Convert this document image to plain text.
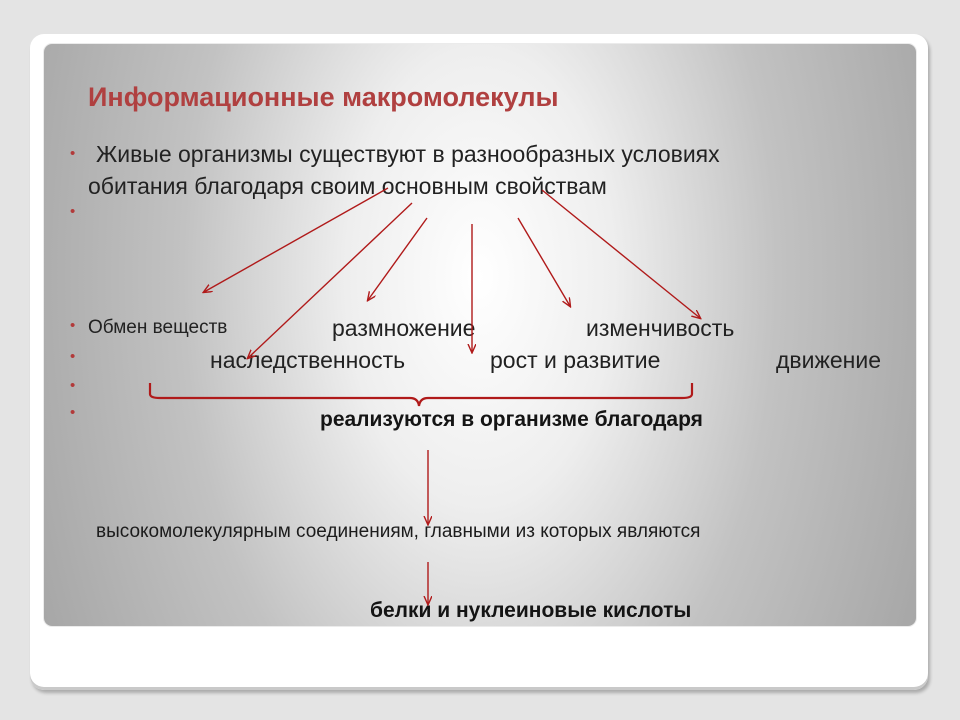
Информационные макромолекулы
•
•
•
•
•
•
Живые организмы существуют в разнообразных условиях
обитания благодаря своим основным свойствам
Обмен веществ	размножение	изменчивость
наследственность	рост и развитие	движение
реализуются в организме благодаря
высокомолекулярным соединениям, главными из которых являются
белки и нуклеиновые кислоты
